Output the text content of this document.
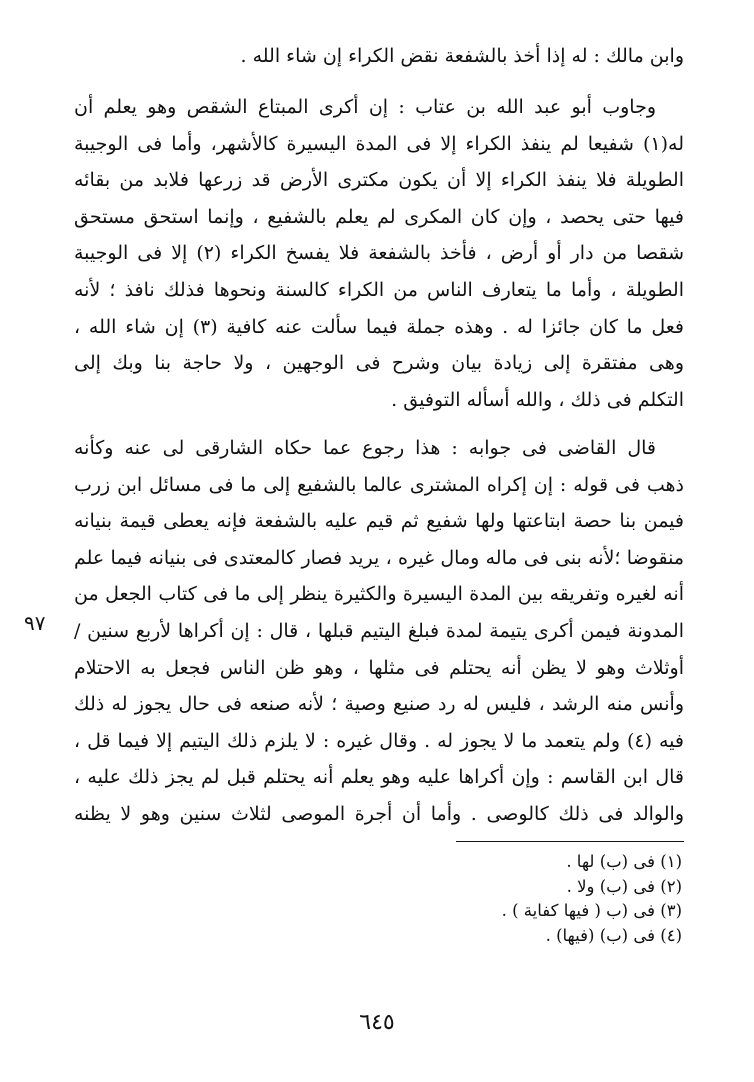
وابن مالك : له إذا أخذ بالشفعة نقض الكراء إن شاء الله .
وجاوب أبو عبد الله بن عتاب : إن أكرى المبتاع الشقص وهو يعلم أن
له(١) شفيعا لم ينفذ الكراء إلا فى المدة اليسيرة كالأشهر، وأما فى الوجيبة
الطويلة فلا ينفذ الكراء إلا أن يكون مكترى الأرض قد زرعها فلابد من بقائه
فيها حتى يحصد ، وإن كان المكرى لم يعلم بالشفيع ، وإنما استحق مستحق
شقصا من دار أو أرض ، فأخذ بالشفعة فلا يفسخ الكراء (٢) إلا فى الوجيبة
الطويلة ، وأما ما يتعارف الناس من الكراء كالسنة ونحوها فذلك نافذ ؛ لأنه
فعل ما كان جائزا له . وهذه جملة فيما سألت عنه كافية (٣) إن شاء الله ،
وهى مفتقرة إلى زيادة بيان وشرح فى الوجهين ، ولا حاجة بنا وبك إلى
التكلم فى ذلك ، والله أسأله التوفيق .
قال القاضى فى جوابه : هذا رجوع عما حكاه الشارقى لى عنه وكأنه
ذهب فى قوله : إن إكراه المشترى عالما بالشفيع إلى ما فى مسائل ابن زرب
فيمن بنا حصة ابتاعتها ولها شفيع ثم قيم عليه بالشفعة فإنه يعطى قيمة بنيانه
منقوضا ؛لأنه بنى فى ماله ومال غيره ، يريد فصار كالمعتدى فى بنيانه فيما علم
أنه لغيره وتفريقه بين المدة اليسيرة والكثيرة ينظر إلى ما فى كتاب الجعل من
المدونة فيمن أكرى يتيمة لمدة فبلغ اليتيم قبلها ، قال : إن أكراها لأربع سنين /
أوثلاث وهو لا يظن أنه يحتلم فى مثلها ، وهو ظن الناس فجعل به الاحتلام
وأنس منه الرشد ، فليس له رد صنيع وصية ؛ لأنه صنعه فى حال يجوز له ذلك
فيه (٤) ولم يتعمد ما لا يجوز له . وقال غيره : لا يلزم ذلك اليتيم إلا فيما قل ،
قال ابن القاسم : وإن أكراها عليه وهو يعلم أنه يحتلم قبل لم يجز ذلك عليه ،
والوالد فى ذلك كالوصى . وأما أن أجرة الموصى لثلاث سنين وهو لا يظنه
٩٧
(١) فى (ب) لها .
(٢) فى (ب) ولا .
(٣) فى (ب ( فيها كفاية ) .
(٤) فى (ب) (فيها) .
٦٤٥
